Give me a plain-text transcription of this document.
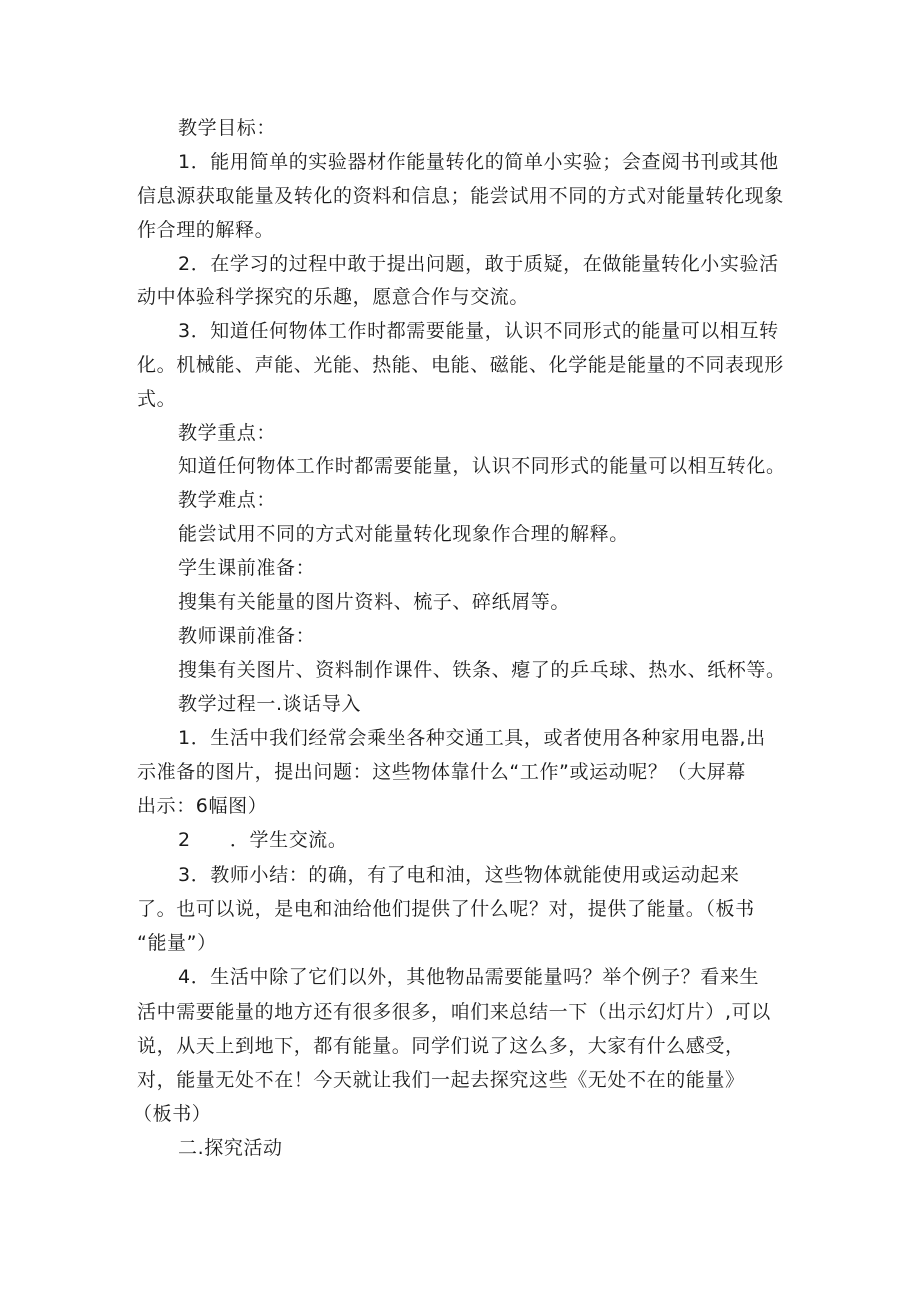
教学目标：
1．能用简单的实验器材作能量转化的简单小实验；会查阅书刊或其他
信息源获取能量及转化的资料和信息；能尝试用不同的方式对能量转化现象
作合理的解释。
2．在学习的过程中敢于提出问题，敢于质疑，在做能量转化小实验活
动中体验科学探究的乐趣，愿意合作与交流。
3．知道任何物体工作时都需要能量，认识不同形式的能量可以相互转
化。机械能、声能、光能、热能、电能、磁能、化学能是能量的不同表现形
式。
教学重点：
知道任何物体工作时都需要能量，认识不同形式的能量可以相互转化。
教学难点：
能尝试用不同的方式对能量转化现象作合理的解释。
学生课前准备：
搜集有关能量的图片资料、梳子、碎纸屑等。
教师课前准备：
搜集有关图片、资料制作课件、铁条、瘪了的乒乓球、热水、纸杯等。
教学过程一.谈话导入
1．生活中我们经常会乘坐各种交通工具，或者使用各种家用电器,出
示准备的图片，提出问题：这些物体靠什么“工作”或运动呢？（大屏幕
出示：6幅图）
2　　．学生交流。
3．教师小结：的确，有了电和油，这些物体就能使用或运动起来
了。也可以说，是电和油给他们提供了什么呢？对，提供了能量。（板书
“能量”）
4．生活中除了它们以外，其他物品需要能量吗？举个例子？看来生
活中需要能量的地方还有很多很多，咱们来总结一下（出示幻灯片）,可以
说，从天上到地下，都有能量。同学们说了这么多，大家有什么感受，
对，能量无处不在！今天就让我们一起去探究这些《无处不在的能量》
（板书）
二.探究活动
